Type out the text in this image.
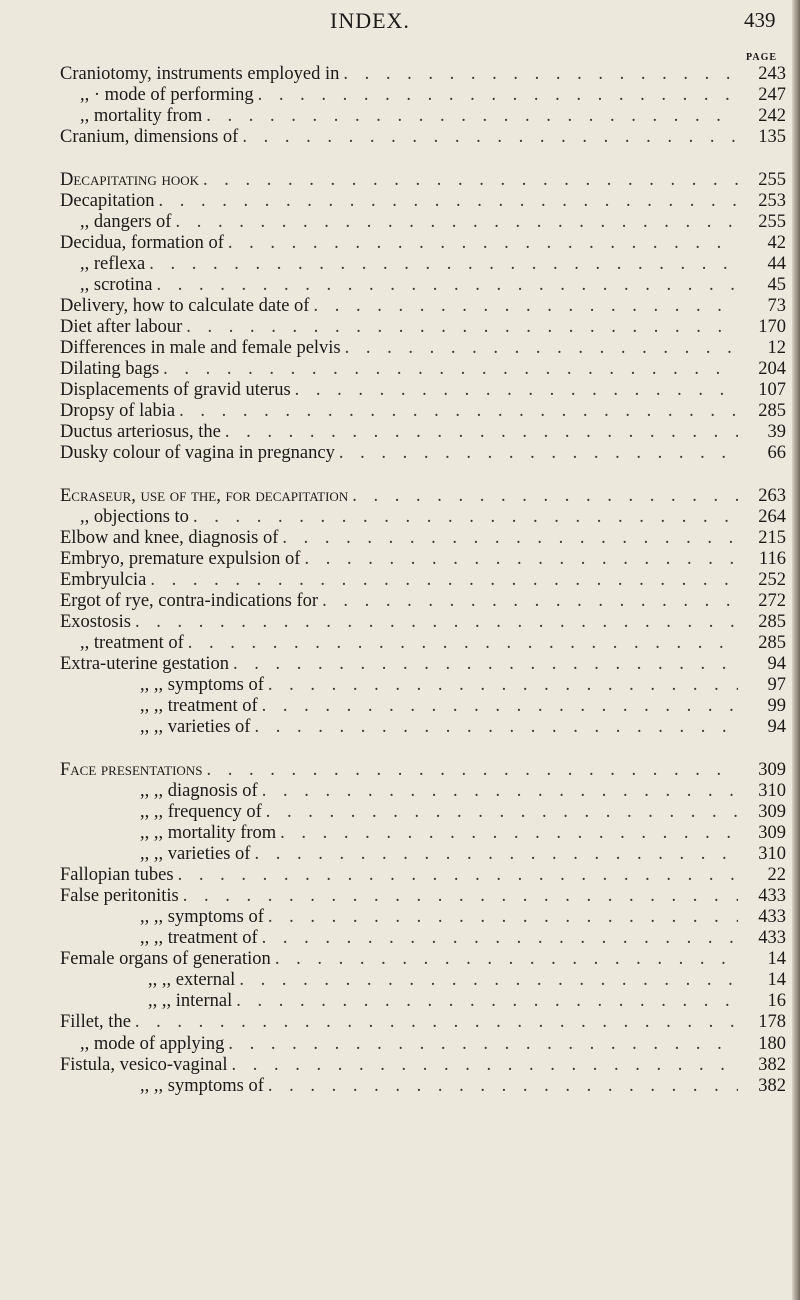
INDEX.	439
PAGE
Craniotomy, instruments employed in . . .	243
,, · mode of performing . . .	247
,, mortality from . . .	242
Cranium, dimensions of . . .	135
Decapitating hook . . .	255
Decapitation . . .	253
,, dangers of . . .	255
Decidua, formation of . . .	42
,, reflexa . . .	44
,, scrotina . . .	45
Delivery, how to calculate date of . . .	73
Diet after labour . . .	170
Differences in male and female pelvis . . .	12
Dilating bags . . .	204
Displacements of gravid uterus . . .	107
Dropsy of labia . . .	285
Ductus arteriosus, the . . .	39
Dusky colour of vagina in pregnancy . . .	66
Ecraseur, use of the, for decapitation . . .	263
,, objections to . . .	264
Elbow and knee, diagnosis of . . .	215
Embryo, premature expulsion of . . .	116
Embryulcia . . .	252
Ergot of rye, contra-indications for . . .	272
Exostosis . . .	285
,, treatment of . . .	285
Extra-uterine gestation . . .	94
,, ,, symptoms of . . .	97
,, ,, treatment of . . .	99
,, ,, varieties of . . .	94
Face presentations . . .	309
,, ,, diagnosis of . . .	310
,, ,, frequency of . . .	309
,, ,, mortality from . . .	309
,, ,, varieties of . . .	310
Fallopian tubes . . .	22
False peritonitis . . .	433
,, ,, symptoms of . . .	433
,, ,, treatment of . . .	433
Female organs of generation . . .	14
,, ,, external . . .	14
,, ,, internal . . .	16
Fillet, the . . .	178
,, mode of applying . . .	180
Fistula, vesico-vaginal . . .	382
,, ,, symptoms of . . .	382
